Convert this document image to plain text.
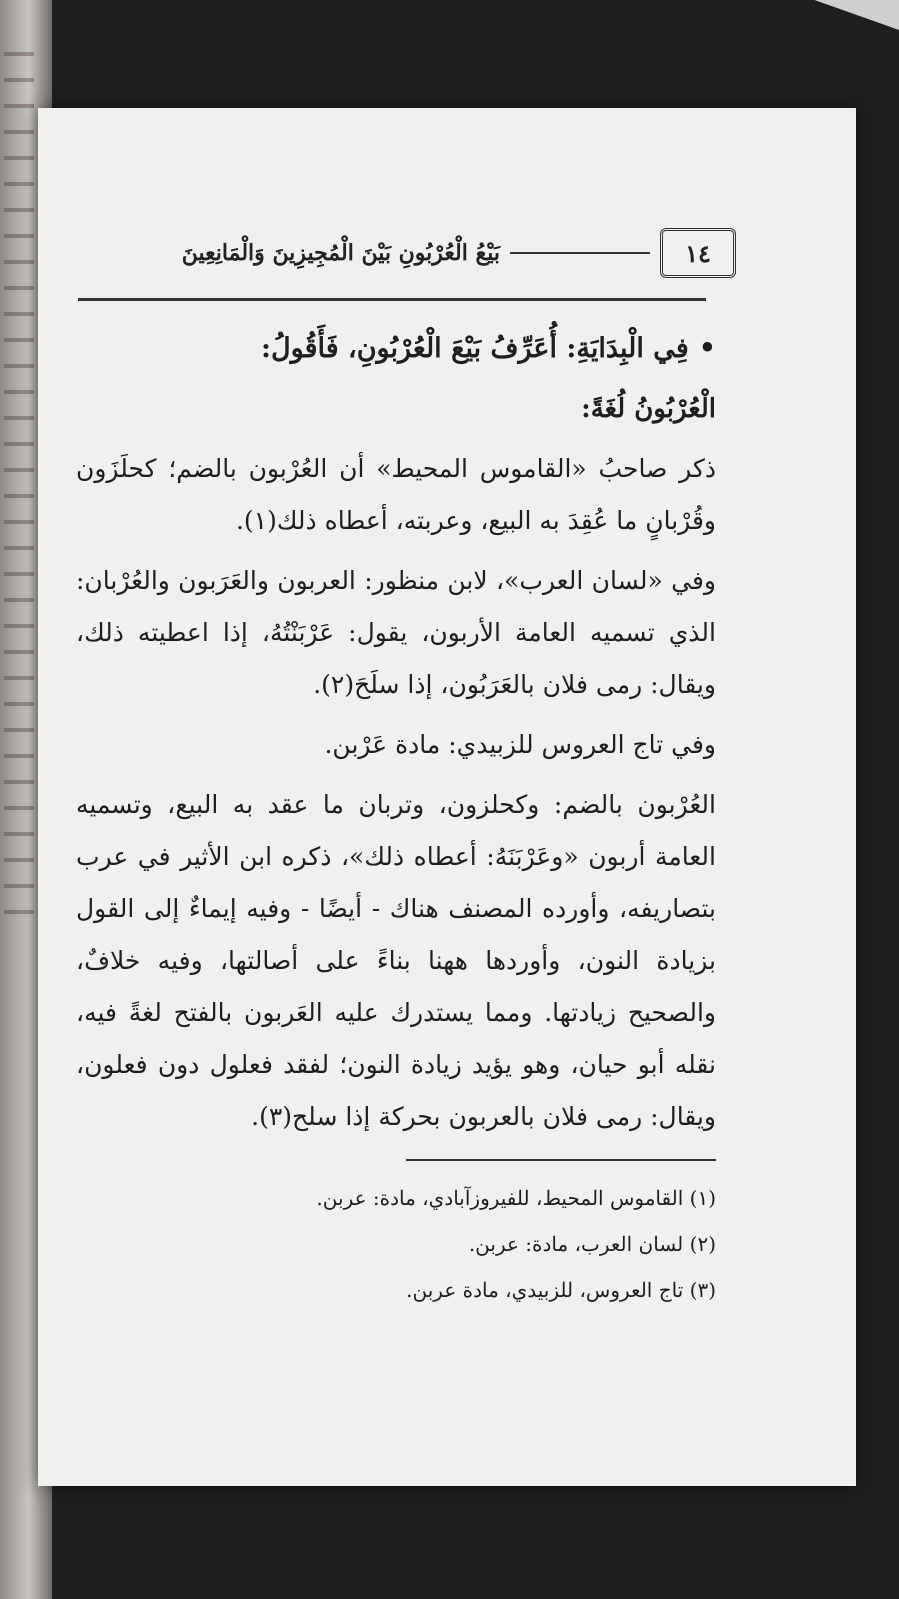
١٤
بَيْعُ الْعُرْبُونِ بَيْنَ الْمُجِيزِينَ وَالْمَانِعِينَ

•فِي الْبِدَايَةِ: أُعَرِّفُ بَيْعَ الْعُرْبُونِ، فَأَقُولُ:

الْعُرْبُونُ لُغَةً:

ذكر صاحبُ «القاموس المحيط» أن العُرْبون بالضم؛ كحلَزَون وقُرْبانٍ ما عُقِدَ به البيع، وعربته، أعطاه ذلك(١).

وفي «لسان العرب»، لابن منظور: العربون والعَرَبون والعُرْبان: الذي تسميه العامة الأربون، يقول: عَرْبَنْتُهُ، إذا اعطيته ذلك، ويقال: رمى فلان بالعَرَبُون، إذا سلَحَ(٢).

وفي تاج العروس للزبيدي: مادة عَرْبن.

العُرْبون بالضم: وكحلزون، وتربان ما عقد به البيع، وتسميه العامة أربون «وعَرْبَنَهُ: أعطاه ذلك»، ذكره ابن الأثير في عرب بتصاريفه، وأورده المصنف هناك - أيضًا - وفيه إيماءٌ إلى القول بزيادة النون، وأوردها ههنا بناءً على أصالتها، وفيه خلافٌ، والصحيح زيادتها. ومما يستدرك عليه العَربون بالفتح لغةً فيه، نقله أبو حيان، وهو يؤيد زيادة النون؛ لفقد فعلول دون فعلون، ويقال: رمى فلان بالعربون بحركة إذا سلح(٣).

(١) القاموس المحيط، للفيروزآبادي، مادة: عربن.
(٢) لسان العرب، مادة: عربن.
(٣) تاج العروس، للزبيدي، مادة عربن.
